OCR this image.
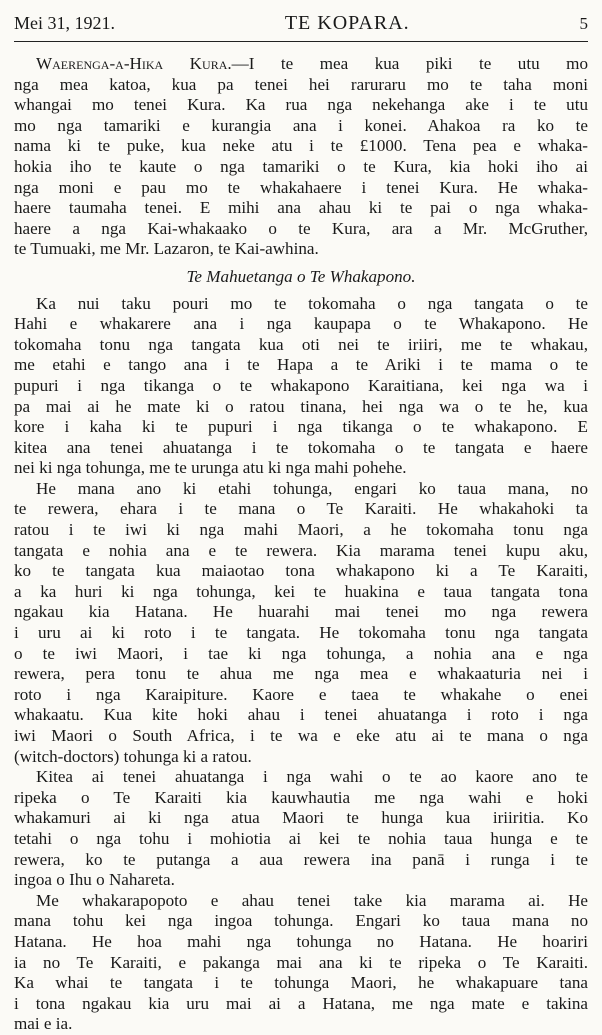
Mei 31, 1921.	TE KOPARA.	5
Waerenga-a-Hika Kura.—I te mea kua piki te utu mo
nga mea katoa, kua pa tenei hei raruraru mo te taha moni
whangai mo tenei Kura. Ka rua nga nekehanga ake i te utu
mo nga tamariki e kurangia ana i konei. Ahakoa ra ko te
nama ki te puke, kua neke atu i te £1000. Tena pea e whaka-
hokia iho te kaute o nga tamariki o te Kura, kia hoki iho ai
nga moni e pau mo te whakahaere i tenei Kura. He whaka-
haere taumaha tenei. E mihi ana ahau ki te pai o nga whaka-
haere a nga Kai-whakaako o te Kura, ara a Mr. McGruther,
te Tumuaki, me Mr. Lazaron, te Kai-awhina.
Te Mahuetanga o Te Whakapono.
Ka nui taku pouri mo te tokomaha o nga tangata o te
Hahi e whakarere ana i nga kaupapa o te Whakapono. He
tokomaha tonu nga tangata kua oti nei te iriiri, me te whakau,
me etahi e tango ana i te Hapa a te Ariki i te mama o te
pupuri i nga tikanga o te whakapono Karaitiana, kei nga wa i
pa mai ai he mate ki o ratou tinana, hei nga wa o te he, kua
kore i kaha ki te pupuri i nga tikanga o te whakapono. E
kitea ana tenei ahuatanga i te tokomaha o te tangata e haere
nei ki nga tohunga, me te urunga atu ki nga mahi pohehe.
He mana ano ki etahi tohunga, engari ko taua mana, no
te rewera, ehara i te mana o Te Karaiti. He whakahoki ta
ratou i te iwi ki nga mahi Maori, a he tokomaha tonu nga
tangata e nohia ana e te rewera. Kia marama tenei kupu aku,
ko te tangata kua maiaotao tona whakapono ki a Te Karaiti,
a ka huri ki nga tohunga, kei te huakina e taua tangata tona
ngakau kia Hatana. He huarahi mai tenei mo nga rewera
i uru ai ki roto i te tangata. He tokomaha tonu nga tangata
o te iwi Maori, i tae ki nga tohunga, a nohia ana e nga
rewera, pera tonu te ahua me nga mea e whakaaturia nei i
roto i nga Karaipiture. Kaore e taea te whakahe o enei
whakaatu. Kua kite hoki ahau i tenei ahuatanga i roto i nga
iwi Maori o South Africa, i te wa e eke atu ai te mana o nga
(witch-doctors) tohunga ki a ratou.
Kitea ai tenei ahuatanga i nga wahi o te ao kaore ano te
ripeka o Te Karaiti kia kauwhautia me nga wahi e hoki
whakamuri ai ki nga atua Maori te hunga kua iriiritia. Ko
tetahi o nga tohu i mohiotia ai kei te nohia taua hunga e te
rewera, ko te putanga a aua rewera ina panā i runga i te
ingoa o Ihu o Nahareta.
Me whakarapopoto e ahau tenei take kia marama ai. He
mana tohu kei nga ingoa tohunga. Engari ko taua mana no
Hatana. He hoa mahi nga tohunga no Hatana. He hoariri
ia no Te Karaiti, e pakanga mai ana ki te ripeka o Te Karaiti.
Ka whai te tangata i te tohunga Maori, he whakapuare tana
i tona ngakau kia uru mai ai a Hatana, me nga mate e takina
mai e ia.
